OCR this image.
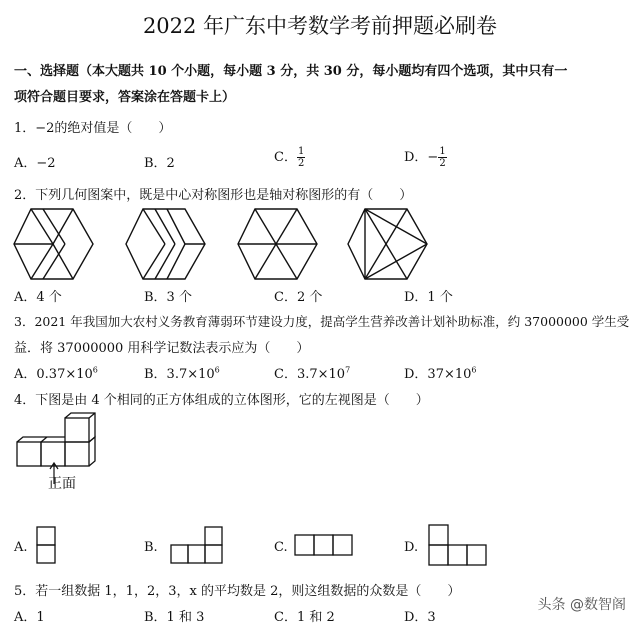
2022 年广东中考数学考前押题必刷卷
一、选择题（本大题共 10 个小题，每小题 3 分，共 30 分，每小题均有四个选项，其中只有一
项符合题目要求，答案涂在答题卡上）
1．−2的绝对值是（　　）
A．−2	B．2	C． $\frac{1}{2}$	D．− $\frac{1}{2}$
2．下列几何图案中，既是中心对称图形也是轴对称图形的有（　　）
A．4 个	B．3 个	C．2 个	D．1 个
3．2021 年我国加大农村义务教育薄弱环节建设力度，提高学生营养改善计划补助标准，约 37000000 学生受
益．将 37000000 用科学记数法表示应为（　　）
A．$0.37\times 10^6$	B．$3.7\times 10^6$	C．$3.7\times 10^7$	D．$37\times 10^6$
4．下图是由 4 个相同的正方体组成的立体图形，它的左视图是（　　）
正面
A.	B.	C.	D.
5．若一组数据 1，1，2，3，x 的平均数是 2，则这组数据的众数是（　　）
A．1	B．1 和 3	C．1 和 2	D．3
头条 @数智阁
